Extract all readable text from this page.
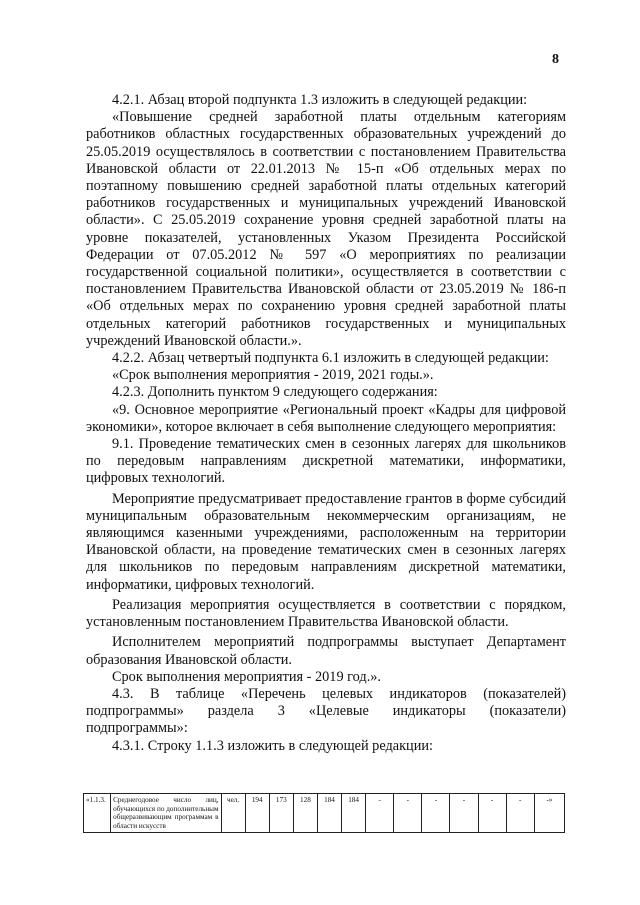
8

4.2.1. Абзац второй подпункта 1.3 изложить в следующей редакции:

«Повышение средней заработной платы отдельным категориям работников областных государственных образовательных учреждений до 25.05.2019 осуществлялось в соответствии с постановлением Правительства Ивановской области от 22.01.2013 № 15-п «Об отдельных мерах по поэтапному повышению средней заработной платы отдельных категорий работников государственных и муниципальных учреждений Ивановской области». С 25.05.2019 сохранение уровня средней заработной платы на уровне показателей, установленных Указом Президента Российской Федерации от 07.05.2012 № 597 «О мероприятиях по реализации государственной социальной политики», осуществляется в соответствии с постановлением Правительства Ивановской области от 23.05.2019 № 186-п «Об отдельных мерах по сохранению уровня средней заработной платы отдельных категорий работников государственных и муниципальных учреждений Ивановской области.».

4.2.2. Абзац четвертый подпункта 6.1 изложить в следующей редакции:

«Срок выполнения мероприятия - 2019, 2021 годы.».

4.2.3. Дополнить пунктом 9 следующего содержания:

«9. Основное мероприятие «Региональный проект «Кадры для цифровой экономики», которое включает в себя выполнение следующего мероприятия:

9.1. Проведение тематических смен в сезонных лагерях для школьников по передовым направлениям дискретной математики, информатики, цифровых технологий.

Мероприятие предусматривает предоставление грантов в форме субсидий муниципальным образовательным некоммерческим организациям, не являющимся казенными учреждениями, расположенным на территории Ивановской области, на проведение тематических смен в сезонных лагерях для школьников по передовым направлениям дискретной математики, информатики, цифровых технологий.

Реализация мероприятия осуществляется в соответствии с порядком, установленным постановлением Правительства Ивановской области.

Исполнителем мероприятий подпрограммы выступает Департамент образования Ивановской области.

Срок выполнения мероприятия - 2019 год.».

4.3. В таблице «Перечень целевых индикаторов (показателей) подпрограммы» раздела 3 «Целевые индикаторы (показатели) подпрограммы»:

4.3.1. Строку 1.1.3 изложить в следующей редакции:

«1.1.3.	Среднегодовое число лиц, обучающихся по дополнительным общеразвивающим программам в области искусств	чел.	194	173	128	184	184	-	-	-	-	-	-	-»
